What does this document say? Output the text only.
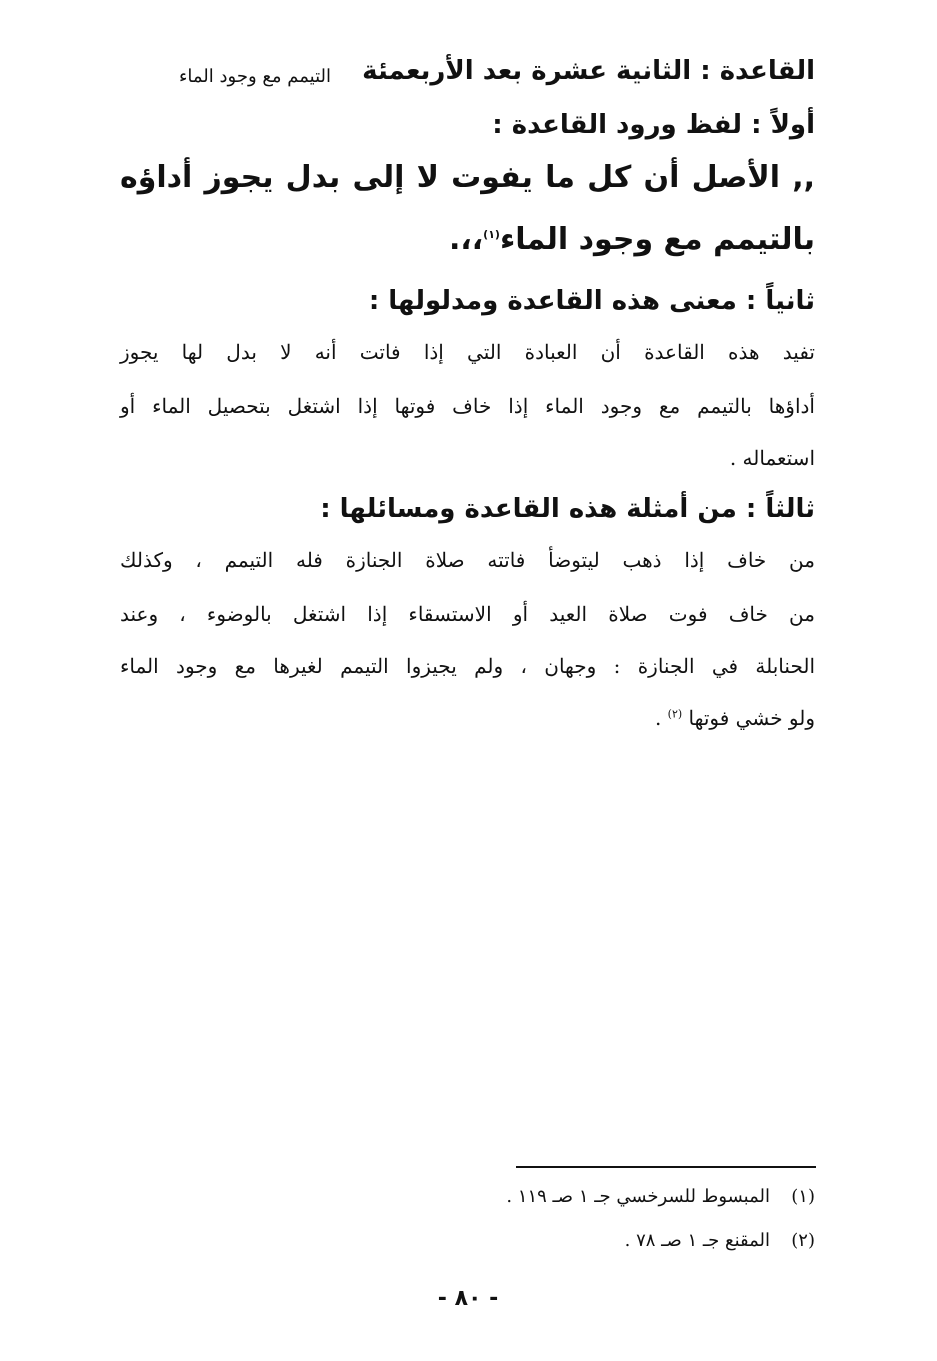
القاعدة : الثانية عشرة بعد الأربعمئة
التيمم مع وجود الماء
أولاً : لفظ ورود القاعدة :
,, الأصل أن كل ما يفوت لا إلى بدل يجوز أداؤه
بالتيمم مع وجود الماء$^{(١)}$،،.
ثانياً : معنى هذه القاعدة ومدلولها :
تفيد هذه القاعدة أن العبادة التي إذا فاتت أنه لا بدل لها يجوز
أداؤها بالتيمم مع وجود الماء إذا خاف فوتها إذا اشتغل بتحصيل الماء أو
استعماله .
ثالثاً : من أمثلة هذه القاعدة ومسائلها :
من خاف إذا ذهب ليتوضأ فاتته صلاة الجنازة فله التيمم ، وكذلك
من خاف فوت صلاة العيد أو الاستسقاء إذا اشتغل بالوضوء ، وعند
الحنابلة في الجنازة : وجهان ، ولم يجيزوا التيمم لغيرها مع وجود الماء
ولو خشي فوتها $^{(٢)}$ .
(١)المبسوط للسرخسي جـ ١ صـ ١١٩ .
(٢)المقنع جـ ١ صـ ٧٨ .
- ٨٠ -
